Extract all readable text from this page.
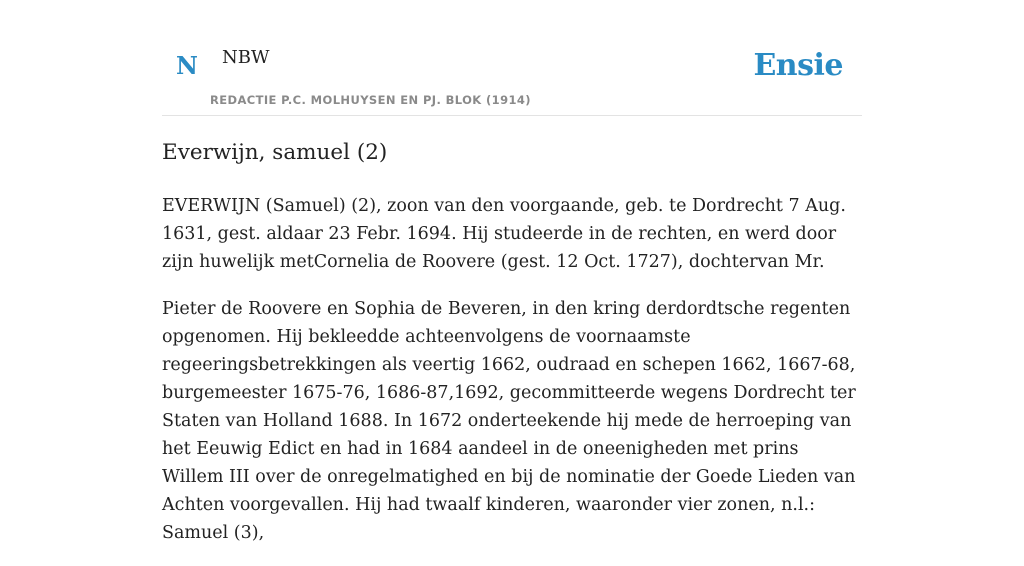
N NBW
REDACTIE P.C. MOLHUYSEN EN PJ. BLOK (1914)
Ensie
Everwijn, samuel (2)

EVERWIJN (Samuel) (2), zoon van den voorgaande, geb. te Dordrecht 7 Aug. 1631, gest. aldaar 23 Febr. 1694. Hij studeerde in de rechten, en werd door zijn huwelijk metCornelia de Roovere (gest. 12 Oct. 1727), dochtervan Mr.

Pieter de Roovere en Sophia de Beveren, in den kring derdordtsche regenten opgenomen. Hij bekleedde achteenvolgens de voornaamste regeeringsbetrekkingen als veertig 1662, oudraad en schepen 1662, 1667-68, burgemeester 1675-76, 1686-87,1692, gecommitteerde wegens Dordrecht ter Staten van Holland 1688. In 1672 onderteekende hij mede de herroeping van het Eeuwig Edict en had in 1684 aandeel in de oneenigheden met prins Willem III over de onregelmatighed en bij de nominatie der Goede Lieden van Achten voorgevallen. Hij had twaalf kinderen, waaronder vier zonen, n.l.: Samuel (3),
